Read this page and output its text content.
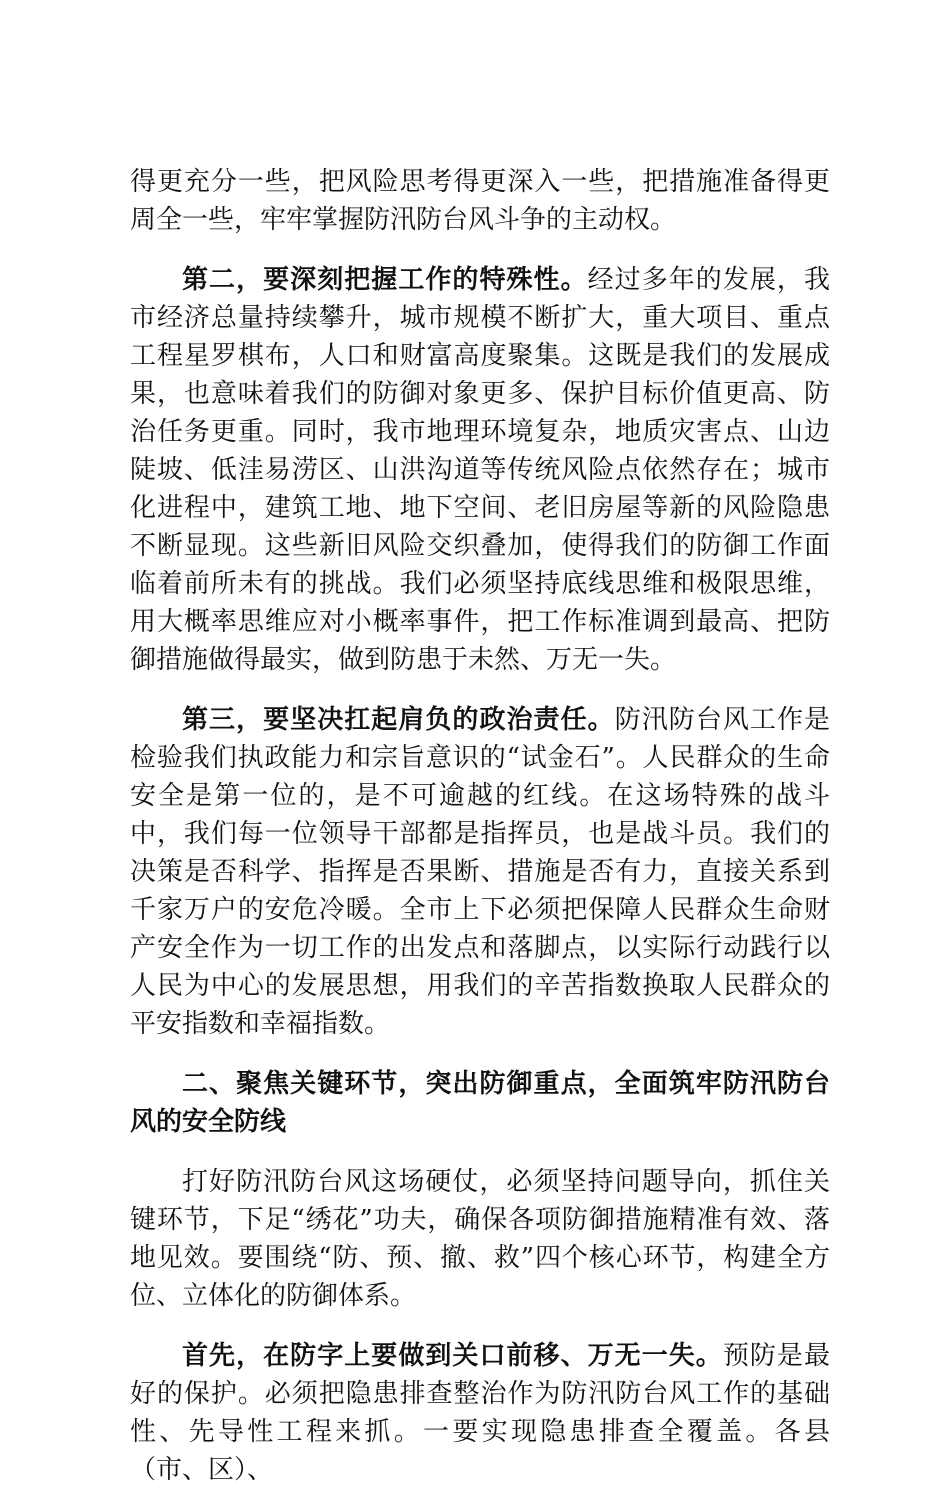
得更充分一些，把风险思考得更深入一些，把措施准备得更周全一些，牢牢掌握防汛防台风斗争的主动权。

第二，要深刻把握工作的特殊性。经过多年的发展，我市经济总量持续攀升，城市规模不断扩大，重大项目、重点工程星罗棋布，人口和财富高度聚集。这既是我们的发展成果，也意味着我们的防御对象更多、保护目标价值更高、防治任务更重。同时，我市地理环境复杂，地质灾害点、山边陡坡、低洼易涝区、山洪沟道等传统风险点依然存在；城市化进程中，建筑工地、地下空间、老旧房屋等新的风险隐患不断显现。这些新旧风险交织叠加，使得我们的防御工作面临着前所未有的挑战。我们必须坚持底线思维和极限思维，用大概率思维应对小概率事件，把工作标准调到最高、把防御措施做得最实，做到防患于未然、万无一失。

第三，要坚决扛起肩负的政治责任。防汛防台风工作是检验我们执政能力和宗旨意识的“试金石”。人民群众的生命安全是第一位的，是不可逾越的红线。在这场特殊的战斗中，我们每一位领导干部都是指挥员，也是战斗员。我们的决策是否科学、指挥是否果断、措施是否有力，直接关系到千家万户的安危冷暖。全市上下必须把保障人民群众生命财产安全作为一切工作的出发点和落脚点，以实际行动践行以人民为中心的发展思想，用我们的辛苦指数换取人民群众的平安指数和幸福指数。

二、聚焦关键环节，突出防御重点，全面筑牢防汛防台风的安全防线

打好防汛防台风这场硬仗，必须坚持问题导向，抓住关键环节，下足“绣花”功夫，确保各项防御措施精准有效、落地见效。要围绕“防、预、撤、救”四个核心环节，构建全方位、立体化的防御体系。

首先，在防字上要做到关口前移、万无一失。预防是最好的保护。必须把隐患排查整治作为防汛防台风工作的基础性、先导性工程来抓。一要实现隐患排查全覆盖。各县（市、区）、
